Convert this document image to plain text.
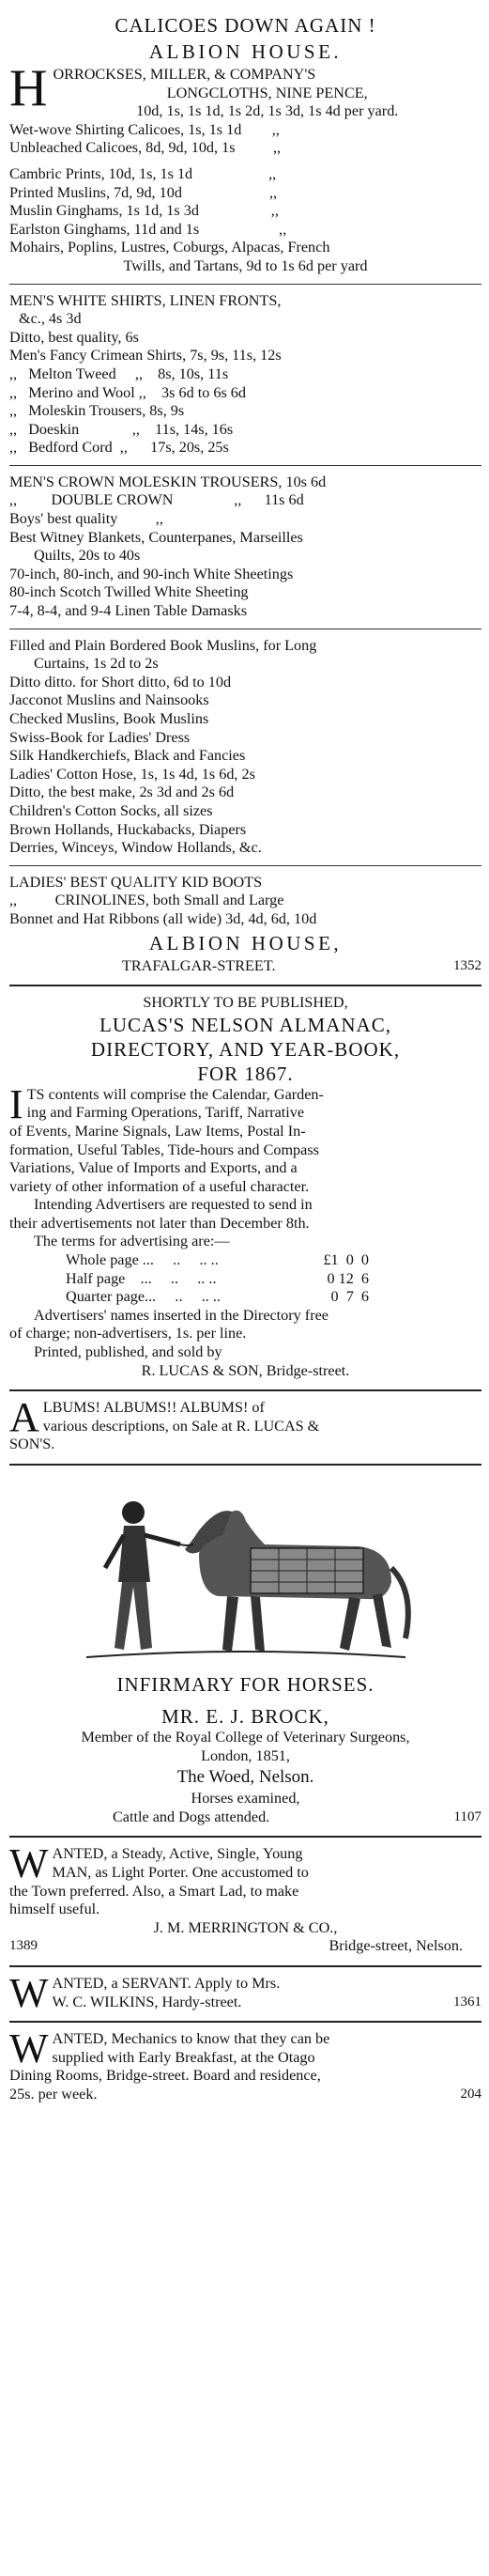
CALICOES DOWN AGAIN !
ALBION HOUSE.
H ORROCKSES, MILLER, & COMPANY'S
LONGCLOTHS, NINE PENCE,
10d, 1s, 1s 1d, 1s 2d, 1s 3d, 1s 4d per yard.
Wet-wove Shirting Calicoes, 1s, 1s 1d        ,,
Unbleached Calicoes, 8d, 9d, 10d, 1s          ,,
Cambric Prints, 10d, 1s, 1s 1d                    ,,
Printed Muslins, 7d, 9d, 10d                       ,,
Muslin Ginghams, 1s 1d, 1s 3d                   ,,
Earlston Ginghams, 11d and 1s                     ,,
Mohairs, Poplins, Lustres, Coburgs, Alpacas, French
Twills, and Tartans, 9d to 1s 6d per yard
MEN'S WHITE SHIRTS, LINEN FRONTS,
&c., 4s 3d
Ditto, best quality, 6s
Men's Fancy Crimean Shirts, 7s, 9s, 11s, 12s
,,   Melton Tweed     ,,    8s, 10s, 11s
,,   Merino and Wool ,,    3s 6d to 6s 6d
,,   Moleskin Trousers, 8s, 9s
,,   Doeskin              ,,    11s, 14s, 16s
,,   Bedford Cord  ,,      17s, 20s, 25s
MEN'S CROWN MOLESKIN TROUSERS, 10s 6d
,,         DOUBLE CROWN                ,,      11s 6d
Boys' best quality          ,,
Best Witney Blankets, Counterpanes, Marseilles
Quilts, 20s to 40s
70-inch, 80-inch, and 90-inch White Sheetings
80-inch Scotch Twilled White Sheeting
7-4, 8-4, and 9-4 Linen Table Damasks
Filled and Plain Bordered Book Muslins, for Long
Curtains, 1s 2d to 2s
Ditto ditto. for Short ditto, 6d to 10d
Jacconot Muslins and Nainsooks
Checked Muslins, Book Muslins
Swiss-Book for Ladies' Dress
Silk Handkerchiefs, Black and Fancies
Ladies' Cotton Hose, 1s, 1s 4d, 1s 6d, 2s
Ditto, the best make, 2s 3d and 2s 6d
Children's Cotton Socks, all sizes
Brown Hollands, Huckabacks, Diapers
Derries, Winceys, Window Hollands, &c.
LADIES' BEST QUALITY KID BOOTS
,,          CRINOLINES, both Small and Large
Bonnet and Hat Ribbons (all wide) 3d, 4d, 6d, 10d
ALBION HOUSE,
TRAFALGAR-STREET.	1352
SHORTLY TO BE PUBLISHED,
LUCAS'S NELSON ALMANAC,
DIRECTORY, AND YEAR-BOOK,
FOR 1867.
I TS contents will comprise the Calendar, Garden-
ing and Farming Operations, Tariff, Narrative
of Events, Marine Signals, Law Items, Postal In-
formation, Useful Tables, Tide-hours and Compass
Variations, Value of Imports and Exports, and a
variety of other information of a useful character.
Intending Advertisers are requested to send in
their advertisements not later than December 8th.
The terms for advertising are:—
Whole page ...     ..     .. ..	£1  0  0
Half page    ...     ..     .. ..	0 12  6
Quarter page...     ..     .. ..	0  7  6
Advertisers' names inserted in the Directory free
of charge; non-advertisers, 1s. per line.
Printed, published, and sold by
R. LUCAS & SON, Bridge-street.
A LBUMS! ALBUMS!! ALBUMS! of
various descriptions, on Sale at R. LUCAS &
SON'S.
INFIRMARY FOR HORSES.
MR. E. J. BROCK,
Member of the Royal College of Veterinary Surgeons,
London, 1851,
The Woed, Nelson.
Horses examined,
Cattle and Dogs attended.	1107
W ANTED, a Steady, Active, Single, Young
MAN, as Light Porter. One accustomed to
the Town preferred. Also, a Smart Lad, to make
himself useful.
J. M. MERRINGTON & CO.,
1389	Bridge-street, Nelson.
W ANTED, a SERVANT. Apply to Mrs.
W. C. WILKINS, Hardy-street.	1361
W ANTED, Mechanics to know that they can be
supplied with Early Breakfast, at the Otago
Dining Rooms, Bridge-street. Board and residence,
25s. per week.	204
